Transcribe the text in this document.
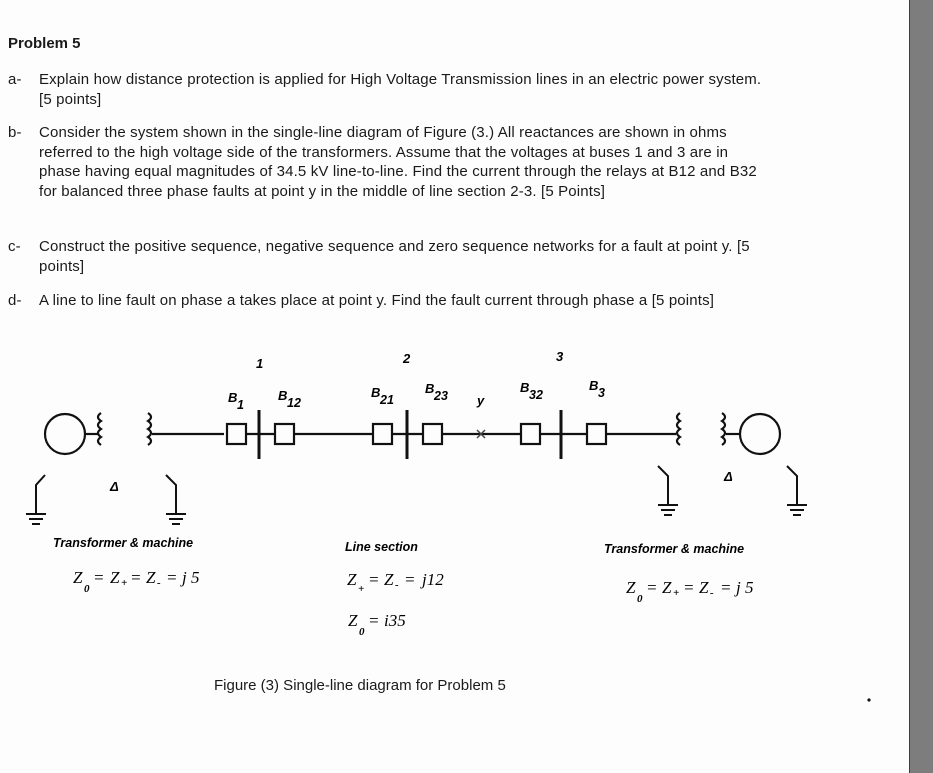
Problem 5
a- Explain how distance protection is applied for High Voltage Transmission lines in an electric power system. [5 points]
b- Consider the system shown in the single-line diagram of Figure (3.) All reactances are shown in ohms referred to the high voltage side of the transformers. Assume that the voltages at buses 1 and 3 are in phase having equal magnitudes of 34.5 kV line-to-line. Find the current through the relays at B12 and B32 for balanced three phase faults at point y in the middle of line section 2-3. [5 Points]
c- Construct the positive sequence, negative sequence and zero sequence networks for a fault at point y. [5 points]
d- A line to line fault on phase a takes place at point y. Find the fault current through phase a [5 points]
Δ
Δ
1	2	3
B 1
B 12
B 21
B 23 y
B 32
B 3
Transformer & machine	Line section	Transformer & machine
Z
0
= Z + = Z - = j 5	Z + = Z - = j12
Z
0
= i35
Z
0
= Z + = Z - = j 5
Figure (3) Single-line diagram for Problem 5
